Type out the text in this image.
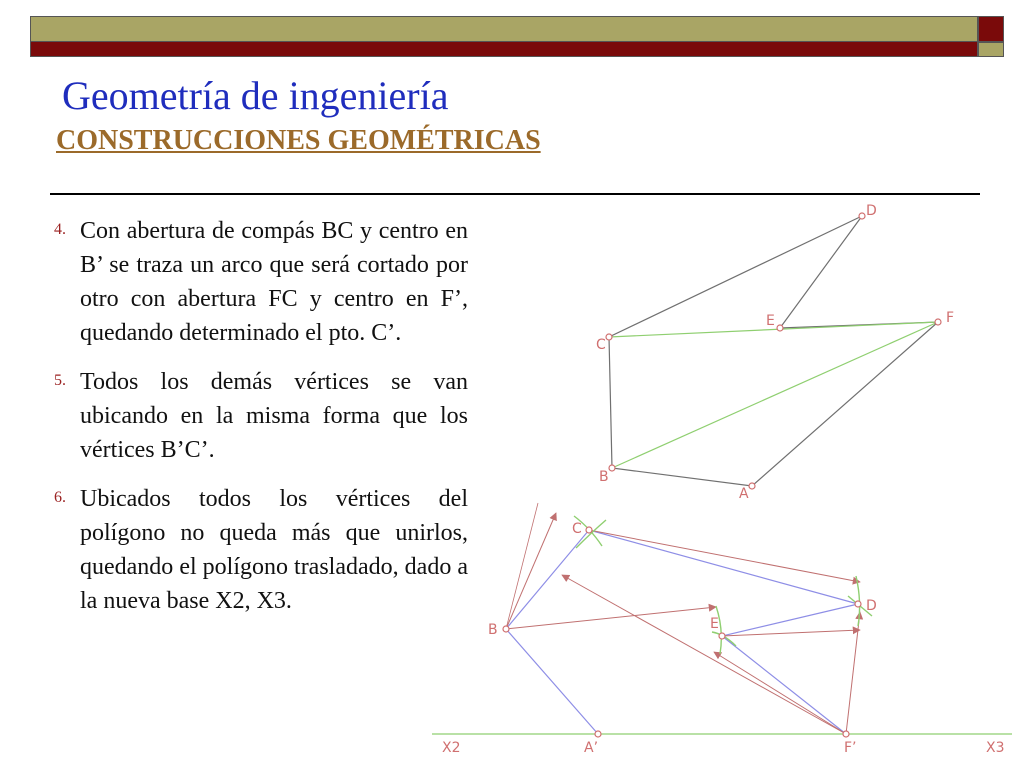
Geometría de ingeniería
CONSTRUCCIONES GEOMÉTRICAS
4. Con abertura de compás BC y centro en B’ se traza un arco que será cortado por otro con abertura FC y centro en F’, quedando determinado el pto. C’.
5. Todos los demás vértices se van ubicando en la misma forma que los vértices B’C’.
6. Ubicados todos los vértices del polígono no queda más que unirlos, quedando el polígono trasladado, dado a la nueva base X2, X3.
D
E	F
C
B
A
X2	X3
C
B
D
E
A’	F’
